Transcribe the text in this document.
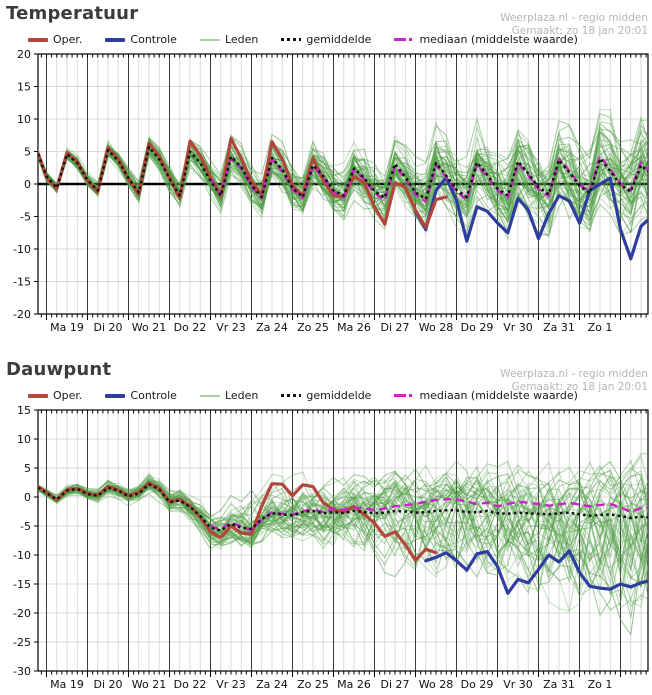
Temperatuur	Weerplaza.nl - regio midden
Gemaakt: zo 18 jan 20:01
Oper.	Controle	Leden	gemiddelde	mediaan (middelste waarde)
20
15
10
5
0
-5
-10
-15
-20
Ma 19 Di 20 Wo 21 Do 22 Vr 23 Za 24 Zo 25 Ma 26 Di 27 Wo 28 Do 29 Vr 30 Za 31 Zo 1
Dauwpunt	Weerplaza.nl - regio midden
Gemaakt: zo 18 jan 20:01
Oper.	Controle	Leden	gemiddelde	mediaan (middelste waarde)
15
10
5
0
-5
-10
-15
-20
-25
-30
Ma 19 Di 20 Wo 21 Do 22 Vr 23 Za 24 Zo 25 Ma 26 Di 27 Wo 28 Do 29 Vr 30 Za 31 Zo 1
